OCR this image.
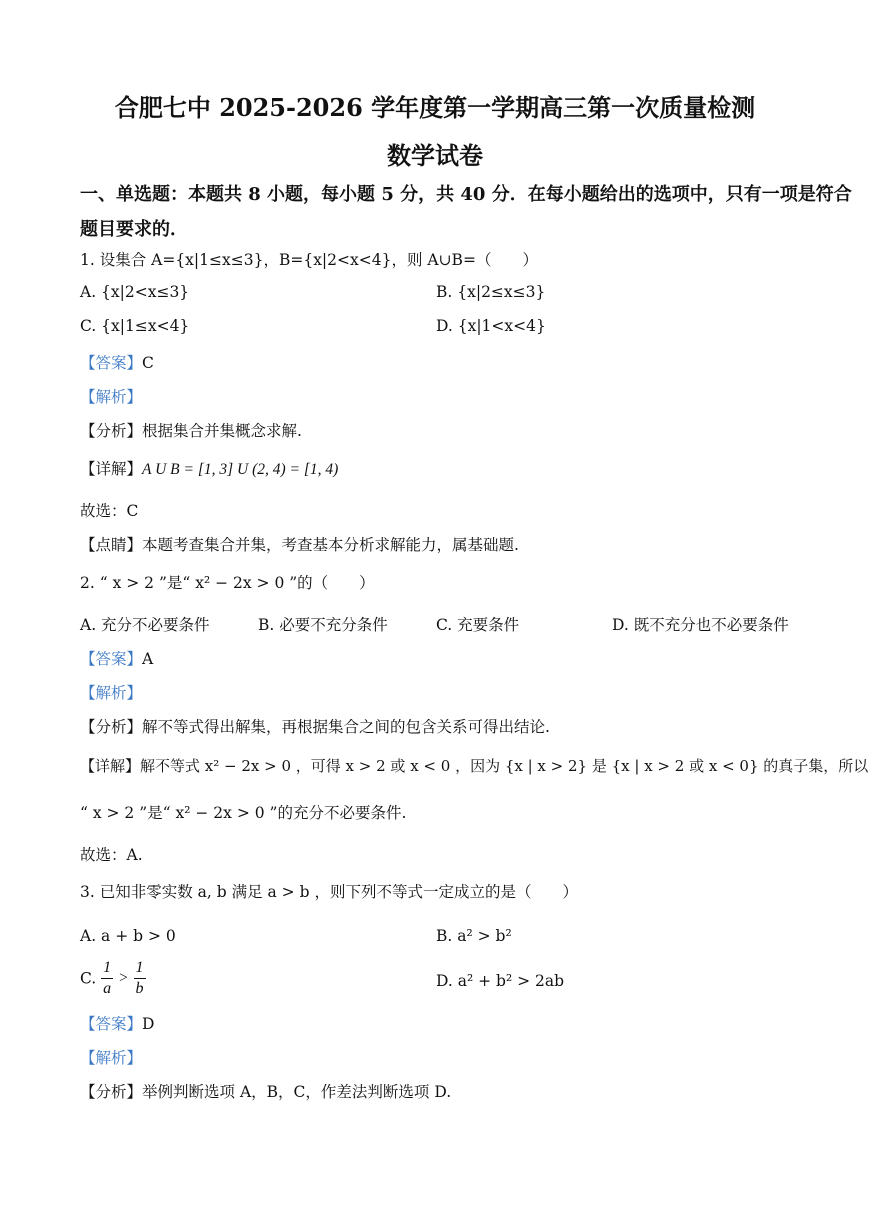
合肥七中 2025-2026 学年度第一学期高三第一次质量检测
数学试卷
一、单选题：本题共 8 小题，每小题 5 分，共 40 分．在每小题给出的选项中，只有一项是符合
题目要求的．
1. 设集合 A={x|1≤x≤3}，B={x|2<x<4}，则 A∪B=（　　）
A. {x|2<x≤3}	B. {x|2≤x≤3}
C. {x|1≤x<4}	D. {x|1<x<4}
【答案】C
【解析】
【分析】根据集合并集概念求解.
【详解】A U B = [1, 3] U (2, 4) = [1, 4)
故选：C
【点睛】本题考查集合并集，考查基本分析求解能力，属基础题.
2. “ x > 2 ”是“ x² − 2x > 0 ”的（　　）
A. 充分不必要条件	B. 必要不充分条件	C. 充要条件	D. 既不充分也不必要条件
【答案】A
【解析】
【分析】解不等式得出解集，再根据集合之间的包含关系可得出结论.
【详解】解不等式 x² − 2x > 0 ，可得 x > 2 或 x < 0 ，因为 {x | x > 2} 是 {x | x > 2 或 x < 0} 的真子集，所以
“ x > 2 ”是“ x² − 2x > 0 ”的充分不必要条件.
故选：A.
3. 已知非零实数 a, b 满足 a > b ，则下列不等式一定成立的是（　　）
A. a + b > 0	B. a² > b²
C. $\frac{1}{a} > \frac{1}{b}$	D. a² + b² > 2ab
【答案】D
【解析】
【分析】举例判断选项 A，B，C，作差法判断选项 D.
